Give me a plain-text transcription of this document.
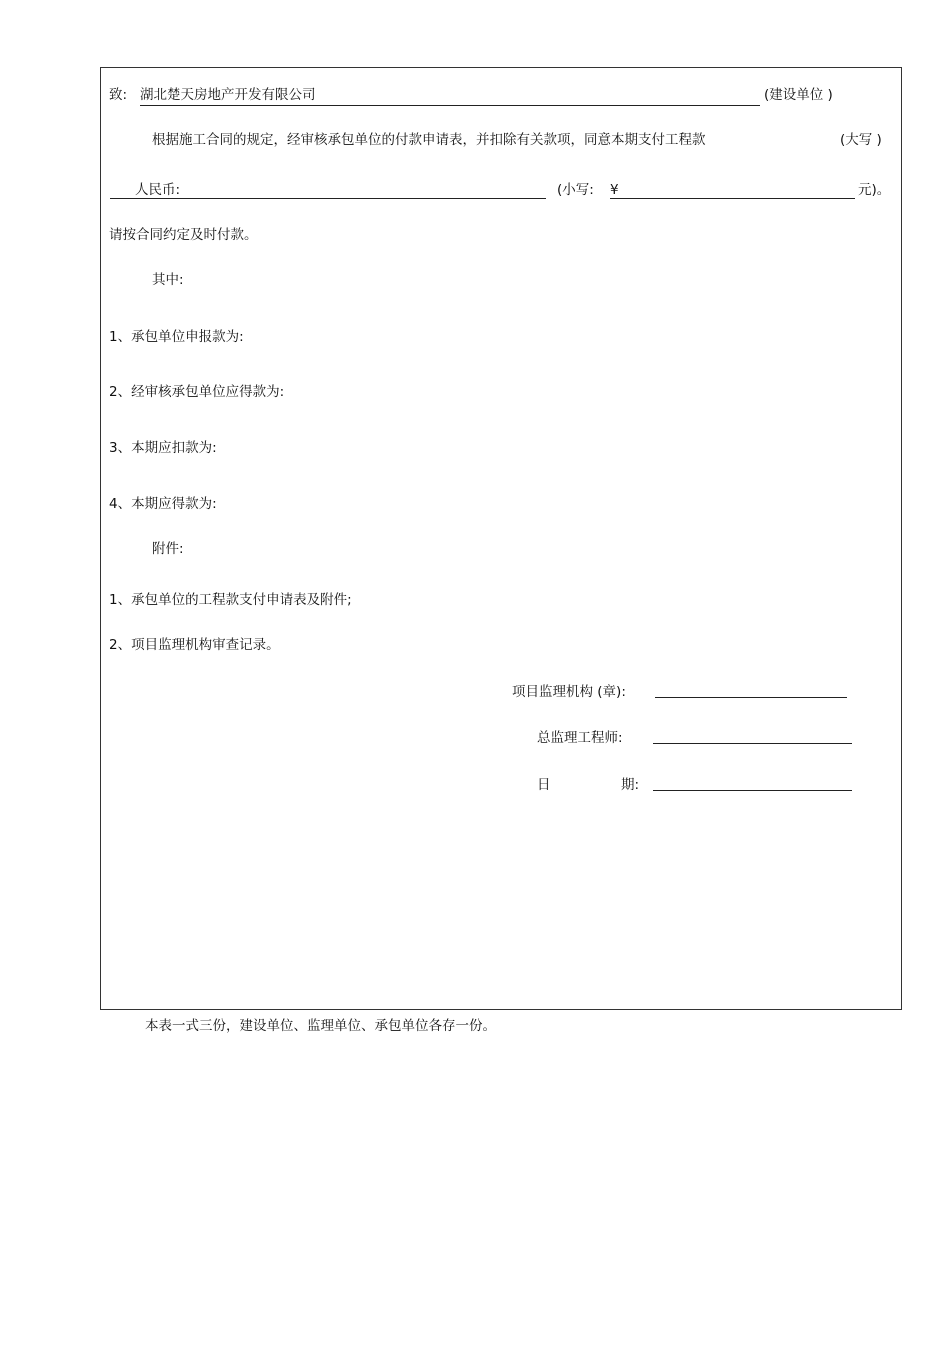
致: 湖北楚天房地产开发有限公司	(建设单位 )
根据施工合同的规定，经审核承包单位的付款申请表，并扣除有关款项，同意本期支付工程款	(大写 )
人民币:	(小写: ¥	元)。
请按合同约定及时付款。
其中:
1、承包单位申报款为:
2、经审核承包单位应得款为:
3、本期应扣款为:
4、本期应得款为:
附件:
1、承包单位的工程款支付申请表及附件;
2、项目监理机构审查记录。
项目监理机构 (章):
总监理工程师:
日	期:
本表一式三份，建设单位、监理单位、承包单位各存一份。
